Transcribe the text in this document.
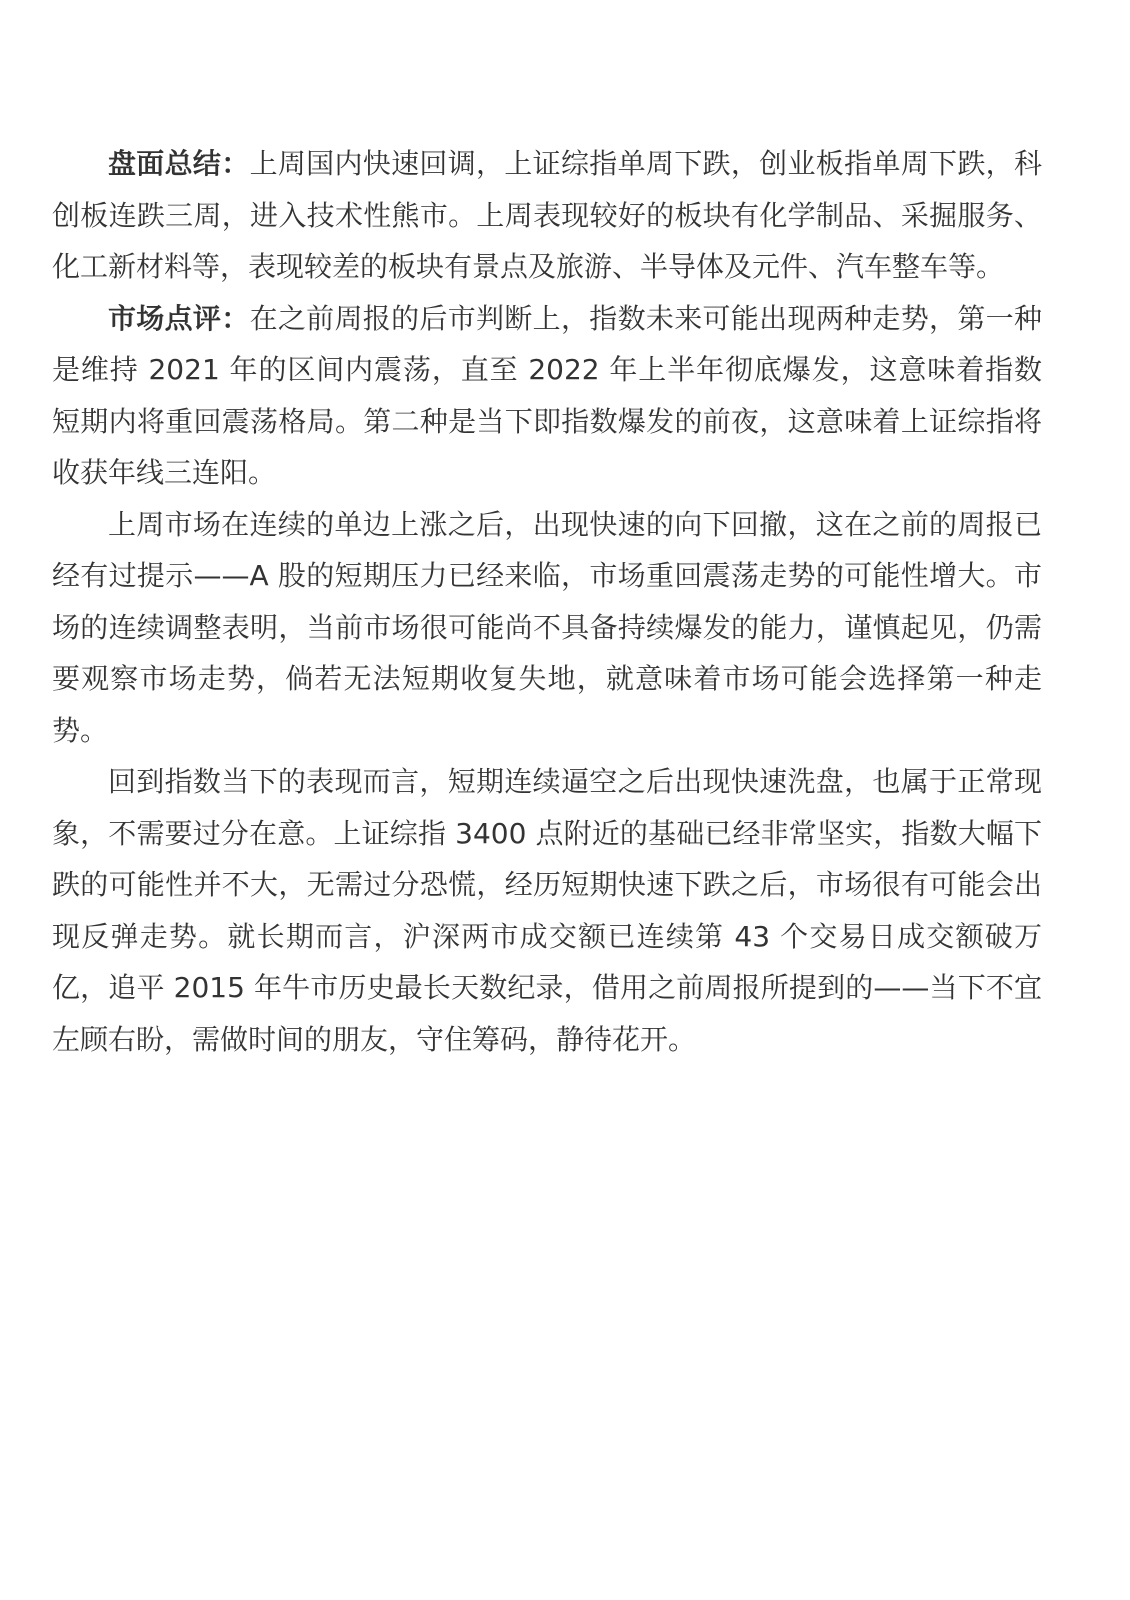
盘面总结：上周国内快速回调，上证综指单周下跌，创业板指单周下跌，科创板连跌三周，进入技术性熊市。上周表现较好的板块有化学制品、采掘服务、化工新材料等，表现较差的板块有景点及旅游、半导体及元件、汽车整车等。

市场点评：在之前周报的后市判断上，指数未来可能出现两种走势，第一种是维持 2021 年的区间内震荡，直至 2022 年上半年彻底爆发，这意味着指数短期内将重回震荡格局。第二种是当下即指数爆发的前夜，这意味着上证综指将收获年线三连阳。

上周市场在连续的单边上涨之后，出现快速的向下回撤，这在之前的周报已经有过提示——A 股的短期压力已经来临，市场重回震荡走势的可能性增大。市场的连续调整表明，当前市场很可能尚不具备持续爆发的能力，谨慎起见，仍需要观察市场走势，倘若无法短期收复失地，就意味着市场可能会选择第一种走势。

回到指数当下的表现而言，短期连续逼空之后出现快速洗盘，也属于正常现象，不需要过分在意。上证综指 3400 点附近的基础已经非常坚实，指数大幅下跌的可能性并不大，无需过分恐慌，经历短期快速下跌之后，市场很有可能会出现反弹走势。就长期而言，沪深两市成交额已连续第 43 个交易日成交额破万亿，追平 2015 年牛市历史最长天数纪录，借用之前周报所提到的——当下不宜左顾右盼，需做时间的朋友，守住筹码，静待花开。
